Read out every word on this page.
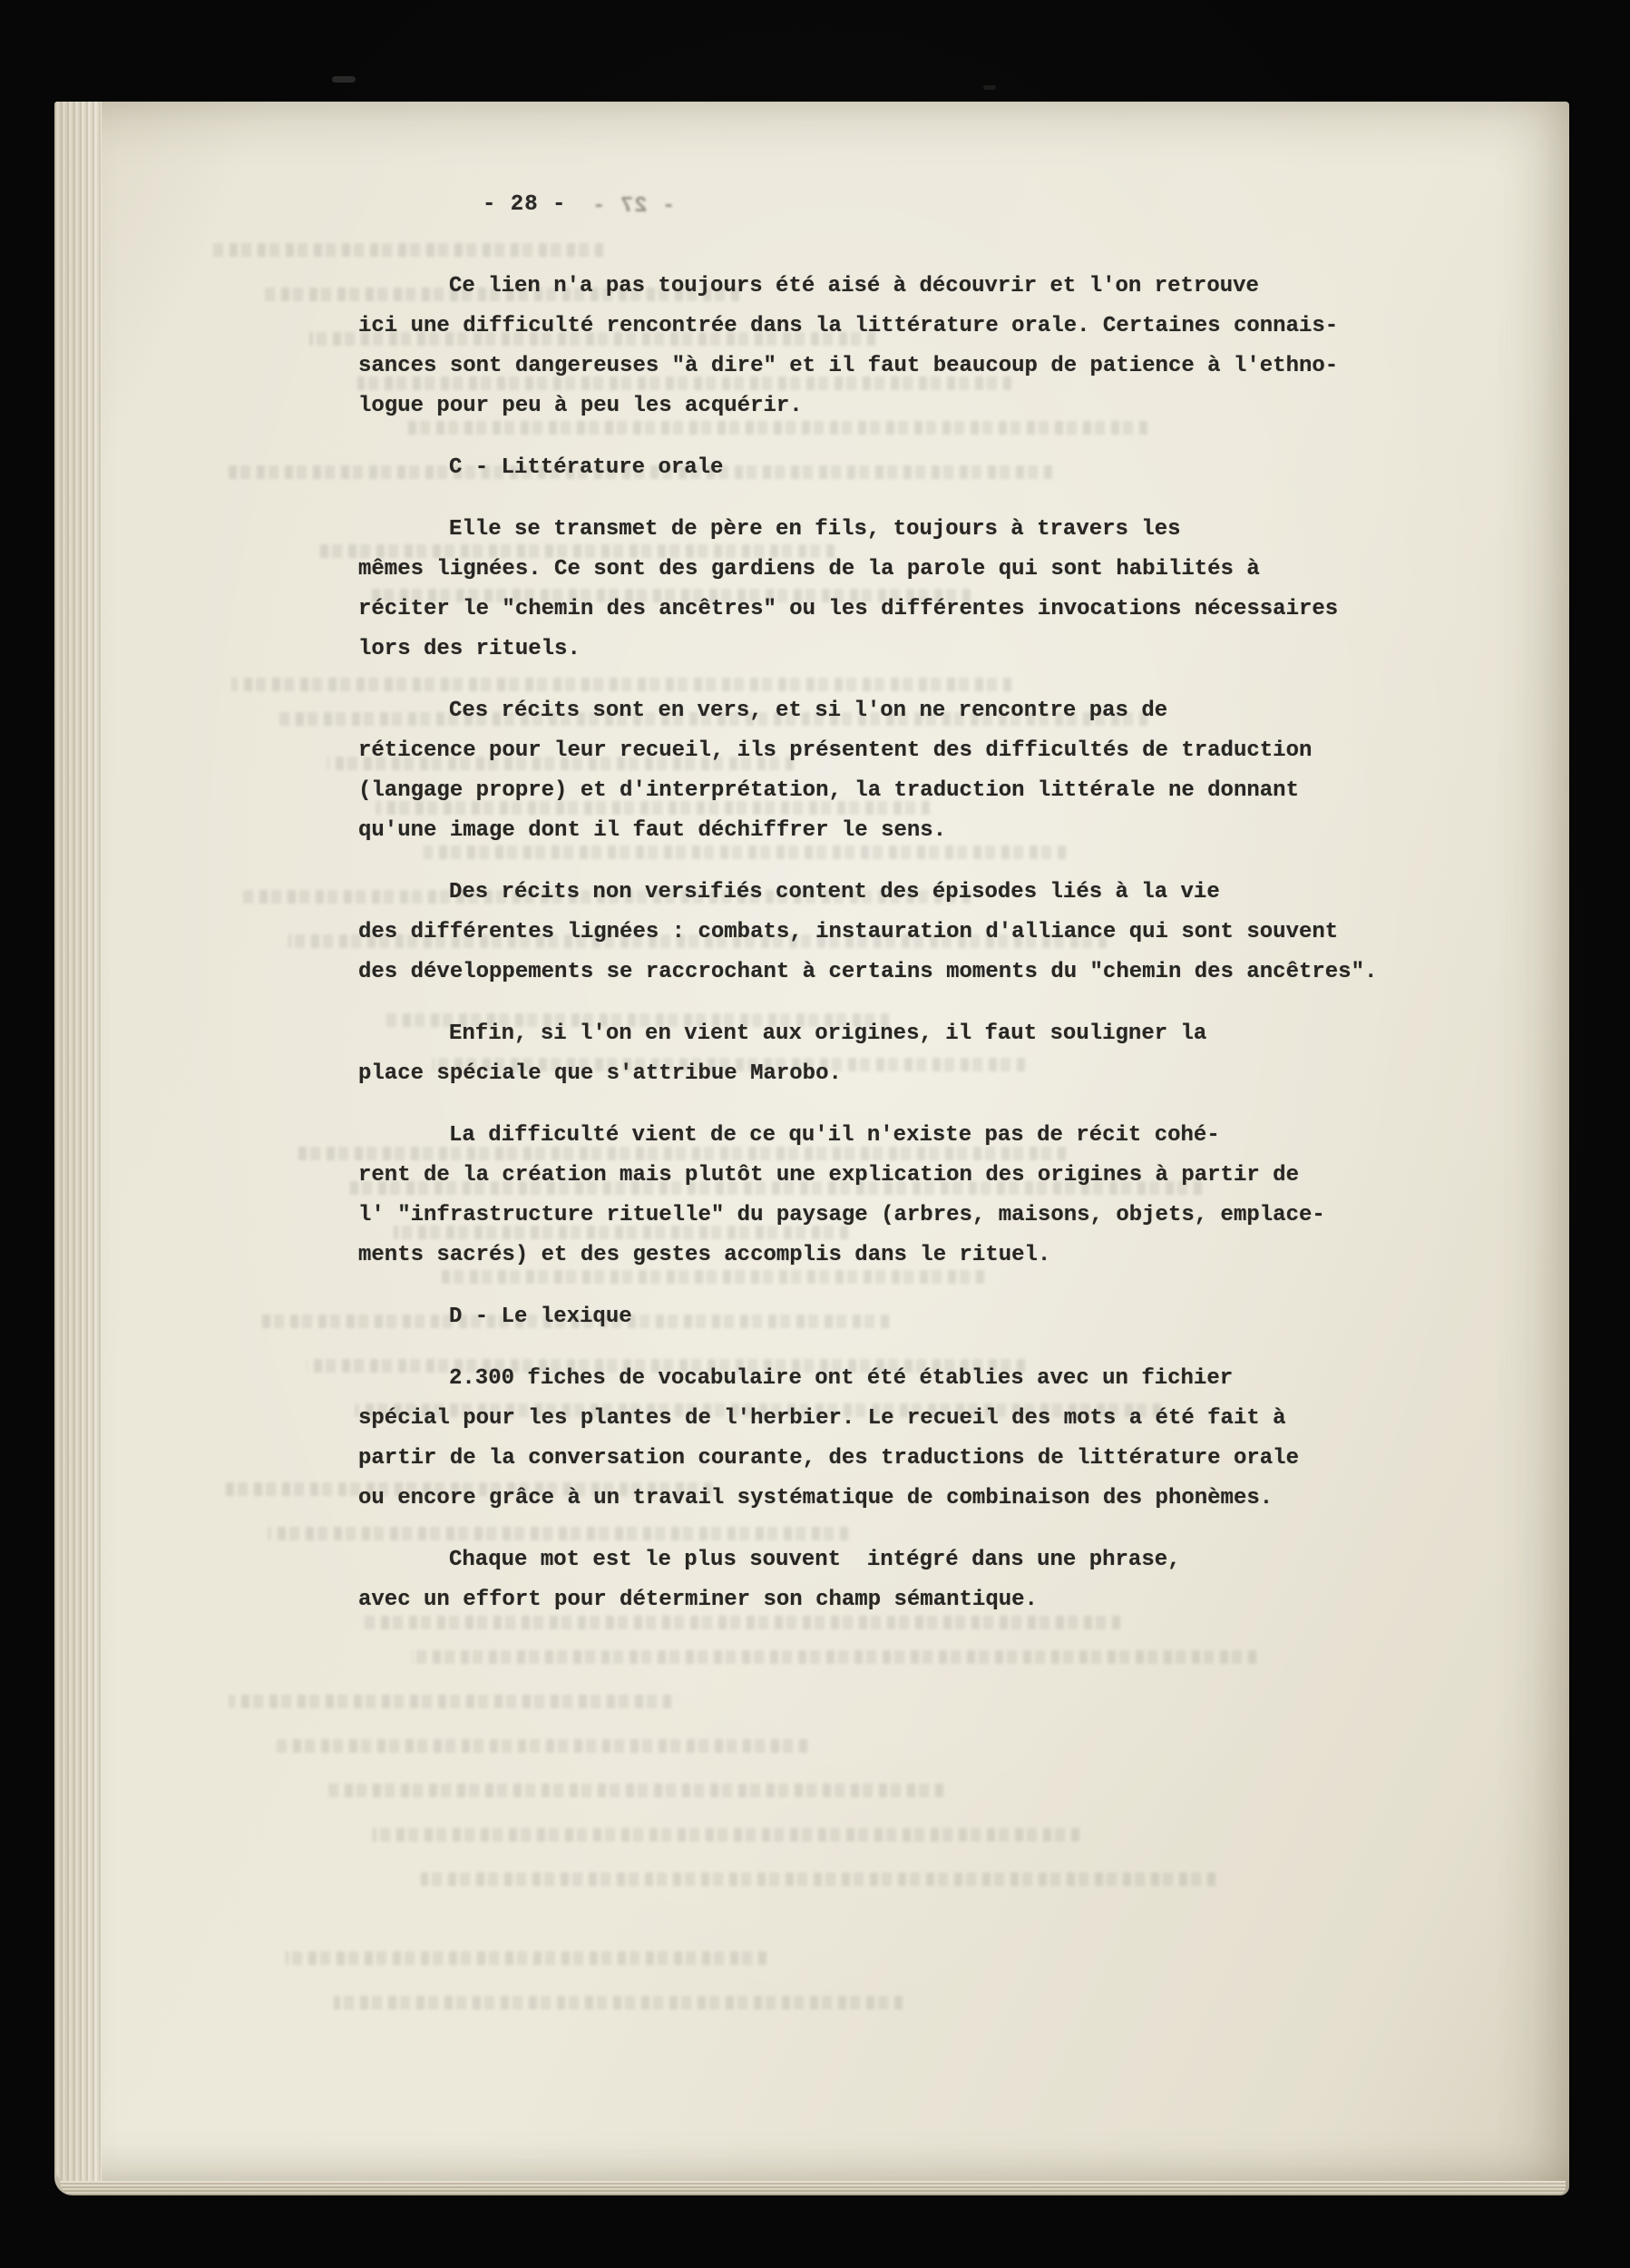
- 27 -
- 28 -
Ce lien n'a pas toujours été aisé à découvrir et l'on retrouve
ici une difficulté rencontrée dans la littérature orale. Certaines connais-
sances sont dangereuses "à dire" et il faut beaucoup de patience à l'ethno-
logue pour peu à peu les acquérir.
C - Littérature orale
Elle se transmet de père en fils, toujours à travers les
mêmes lignées. Ce sont des gardiens de la parole qui sont habilités à
réciter le "chemin des ancêtres" ou les différentes invocations nécessaires
lors des rituels.
Ces récits sont en vers, et si l'on ne rencontre pas de
réticence pour leur recueil, ils présentent des difficultés de traduction
(langage propre) et d'interprétation, la traduction littérale ne donnant
qu'une image dont il faut déchiffrer le sens.
Des récits non versifiés content des épisodes liés à la vie
des différentes lignées : combats, instauration d'alliance qui sont souvent
des développements se raccrochant à certains moments du "chemin des ancêtres".
Enfin, si l'on en vient aux origines, il faut souligner la
place spéciale que s'attribue Marobo.
La difficulté vient de ce qu'il n'existe pas de récit cohé-
rent de la création mais plutôt une explication des origines à partir de
l' "infrastructure rituelle" du paysage (arbres, maisons, objets, emplace-
ments sacrés) et des gestes accomplis dans le rituel.
D - Le lexique
2.300 fiches de vocabulaire ont été établies avec un fichier
spécial pour les plantes de l'herbier. Le recueil des mots a été fait à
partir de la conversation courante, des traductions de littérature orale
ou encore grâce à un travail systématique de combinaison des phonèmes.
Chaque mot est le plus souvent  intégré dans une phrase,
avec un effort pour déterminer son champ sémantique.
